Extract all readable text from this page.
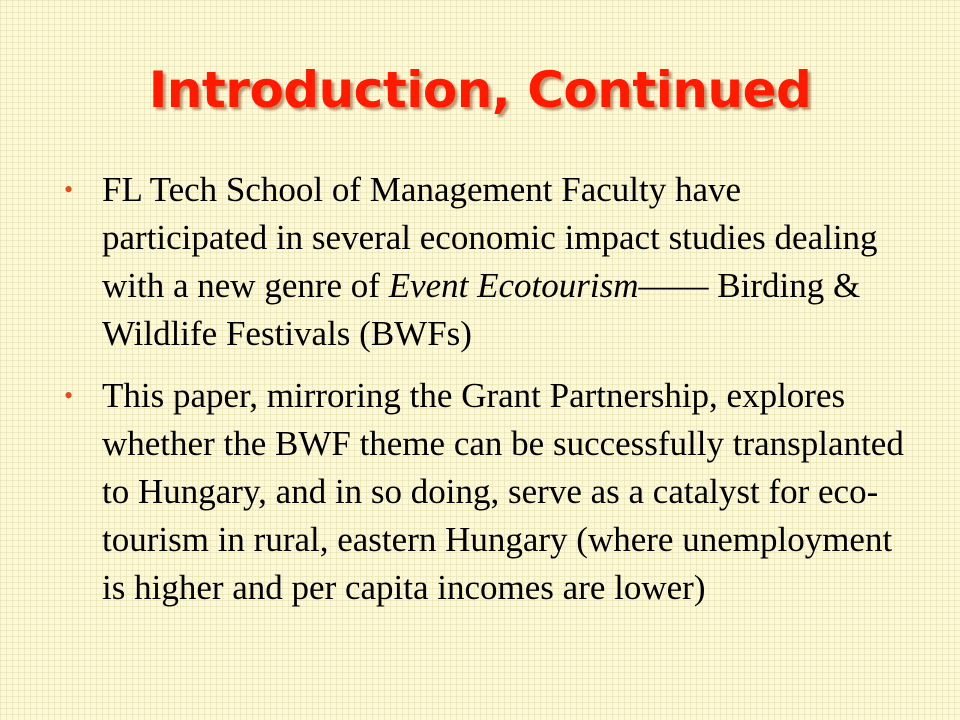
Introduction, Continued
• FL Tech School of Management Faculty have participated in several economic impact studies dealing with a new genre of Event Ecotourism—— Birding & Wildlife Festivals (BWFs)
• This paper, mirroring the Grant Partnership, explores whether the BWF theme can be successfully transplanted to Hungary, and in so doing, serve as a catalyst for eco-tourism in rural, eastern Hungary (where unemployment is higher and per capita incomes are lower)
